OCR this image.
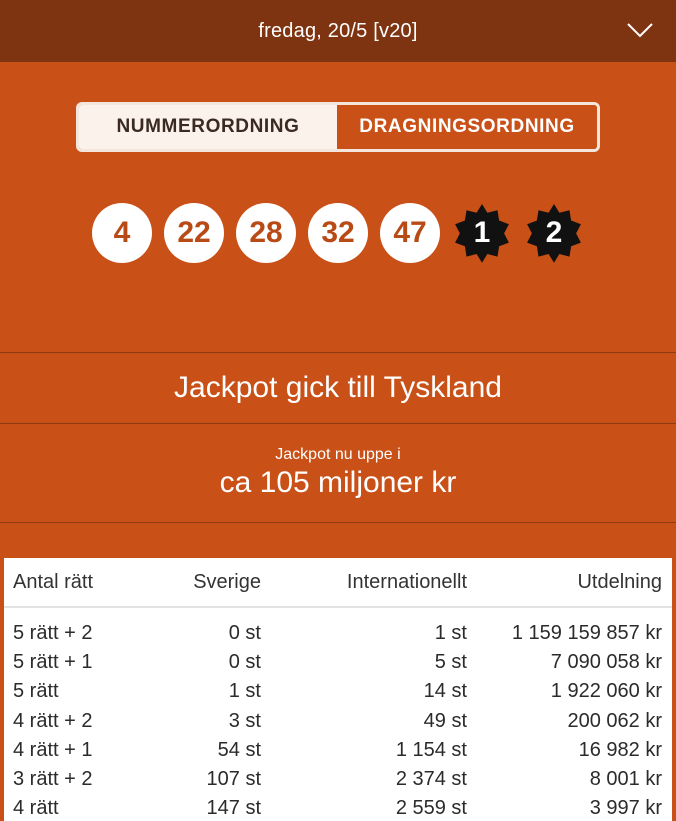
fredag, 20/5 [v20]
NUMMERORDNING	DRAGNINGSORDNING
4	22	28	32	47	1 2
Jackpot gick till Tyskland
Jackpot nu uppe i
ca 105 miljoner kr
Antal rätt	Sverige	Internationellt	Utdelning
5 rätt + 2	0 st	1 st	1 159 159 857 kr
5 rätt + 1	0 st	5 st	7 090 058 kr
5 rätt	1 st	14 st	1 922 060 kr
4 rätt + 2	3 st	49 st	200 062 kr
4 rätt + 1	54 st	1 154 st	16 982 kr
3 rätt + 2	107 st	2 374 st	8 001 kr
4 rätt	147 st	2 559 st	3 997 kr
